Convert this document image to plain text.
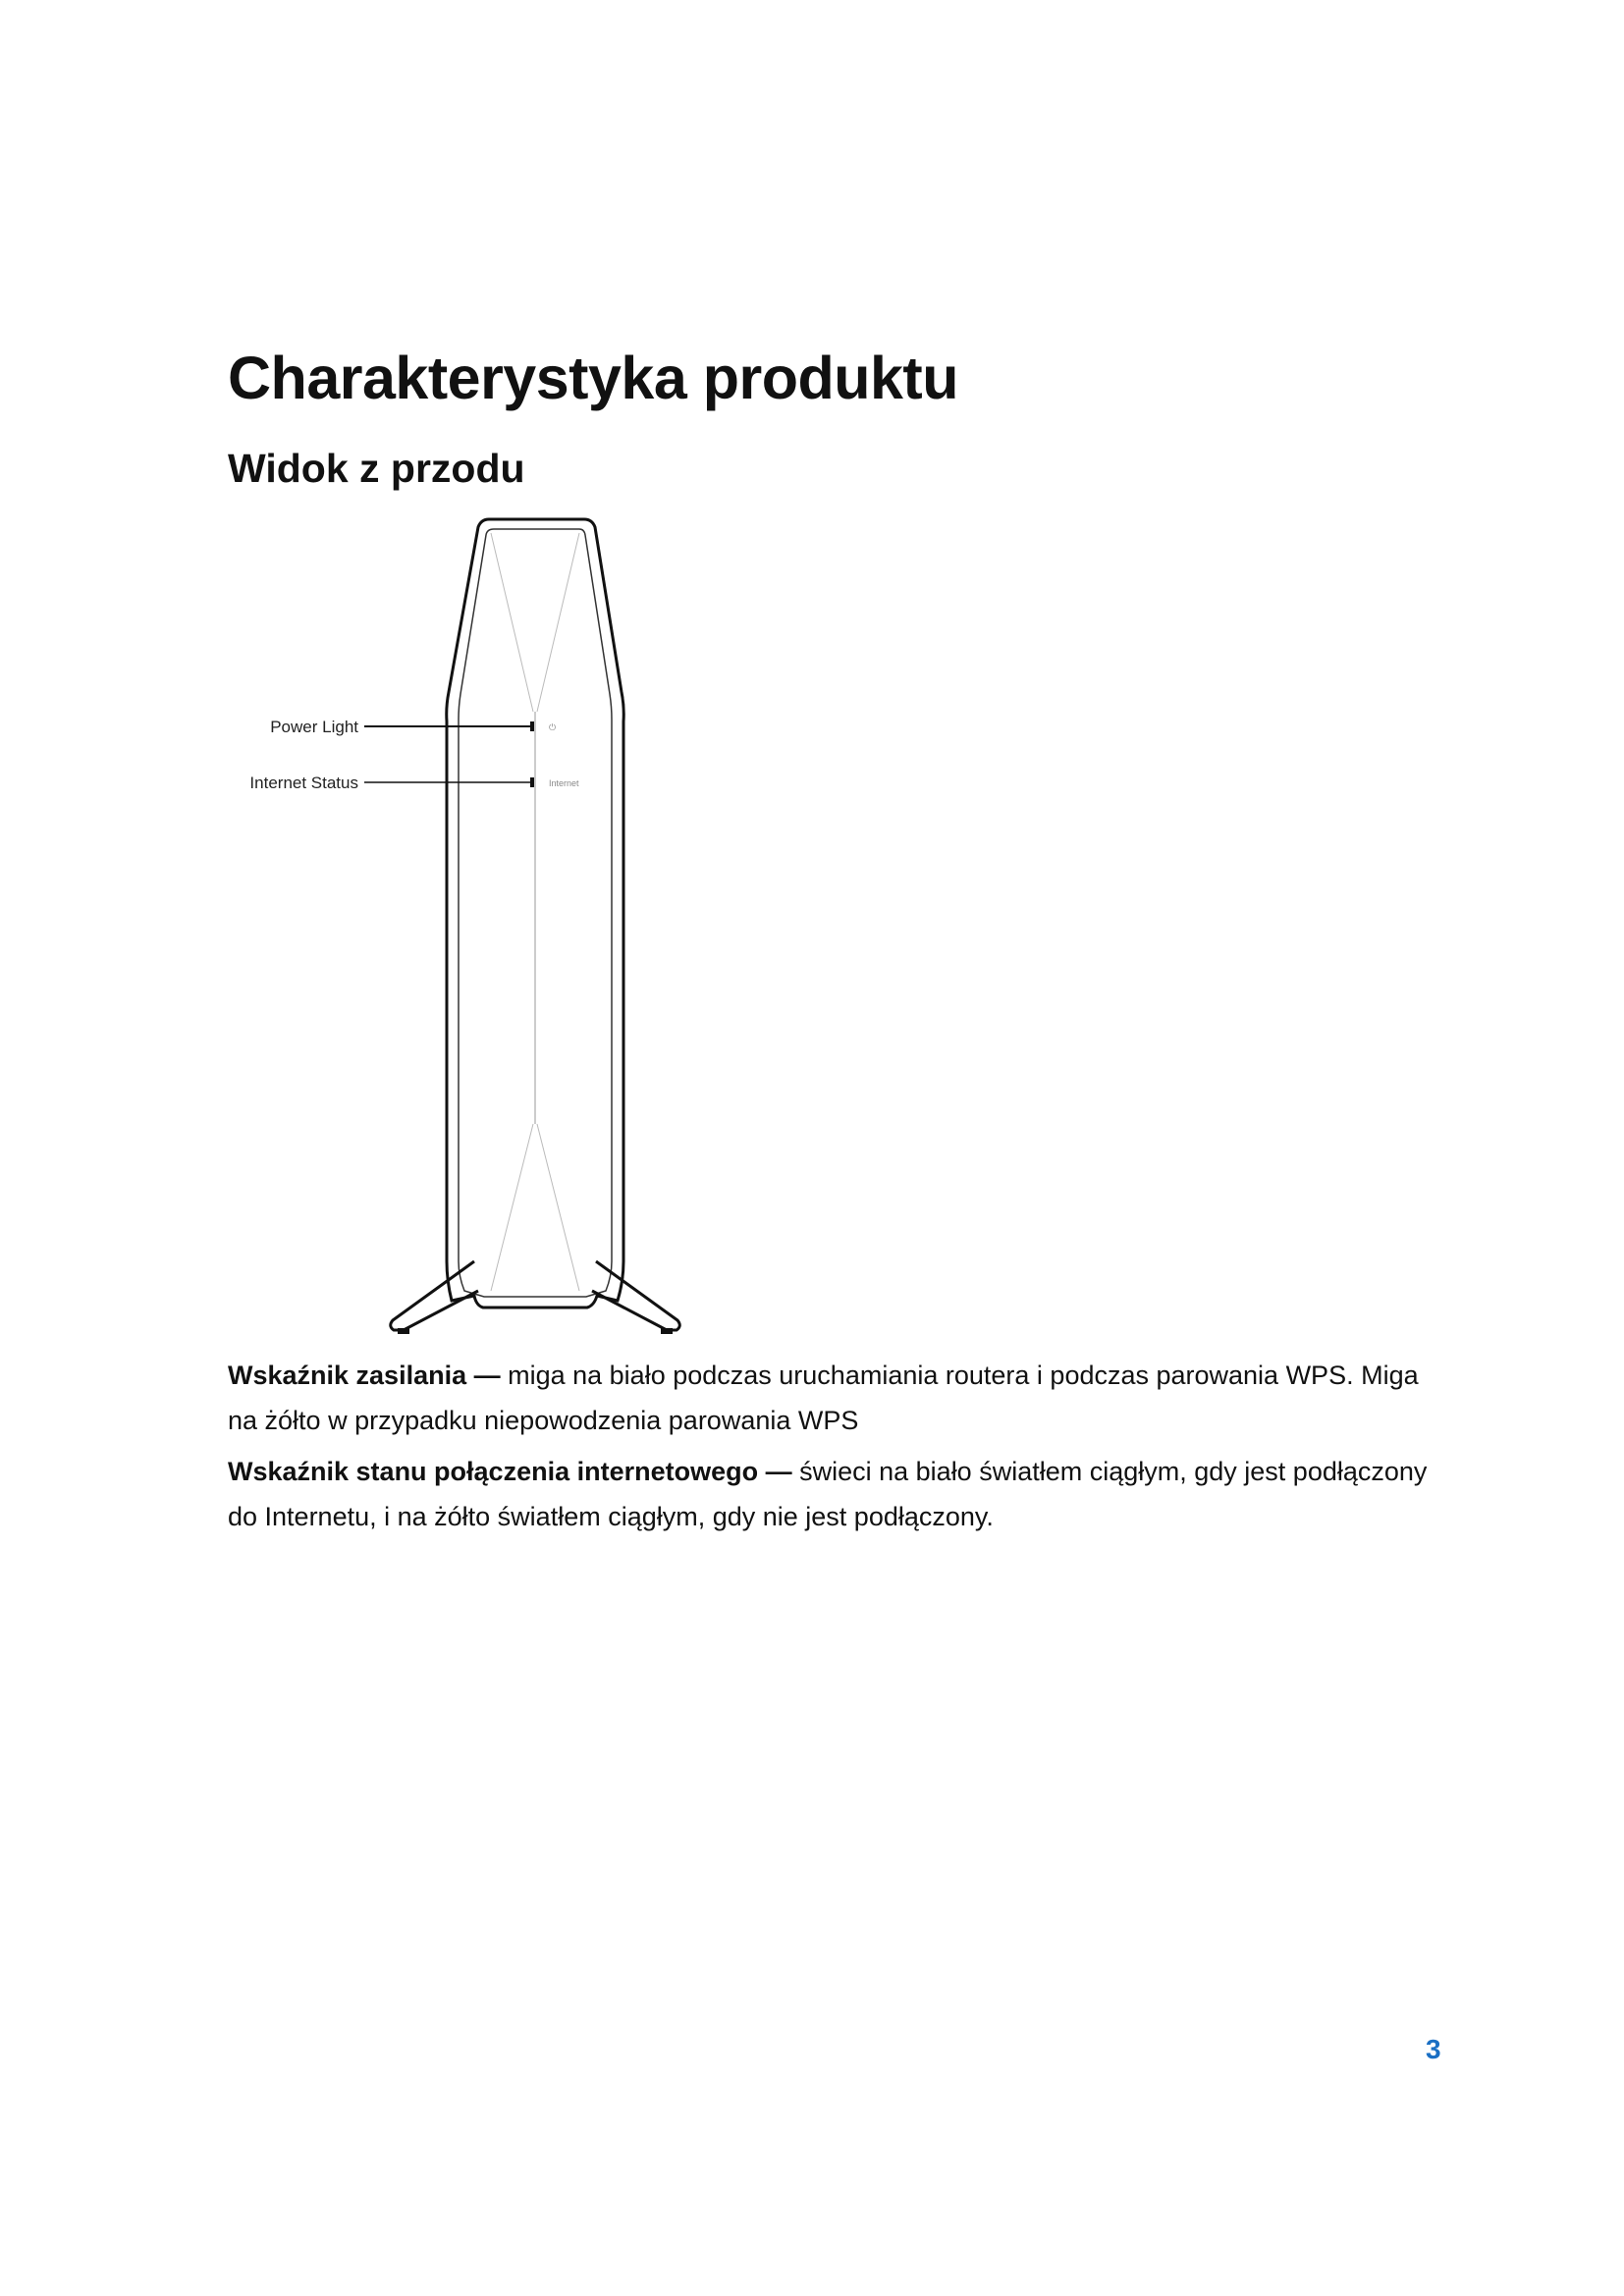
Charakterystyka produktu
Widok z przodu
⏻
Internet
Power Light
Internet Status

Wskaźnik zasilania — miga na biało podczas uruchamiania routera i podczas parowania WPS. Miga na żółto w przypadku niepowodzenia parowania WPS

Wskaźnik stanu połączenia internetowego — świeci na biało światłem ciągłym, gdy jest podłączony do Internetu, i na żółto światłem ciągłym, gdy nie jest podłączony.

3
